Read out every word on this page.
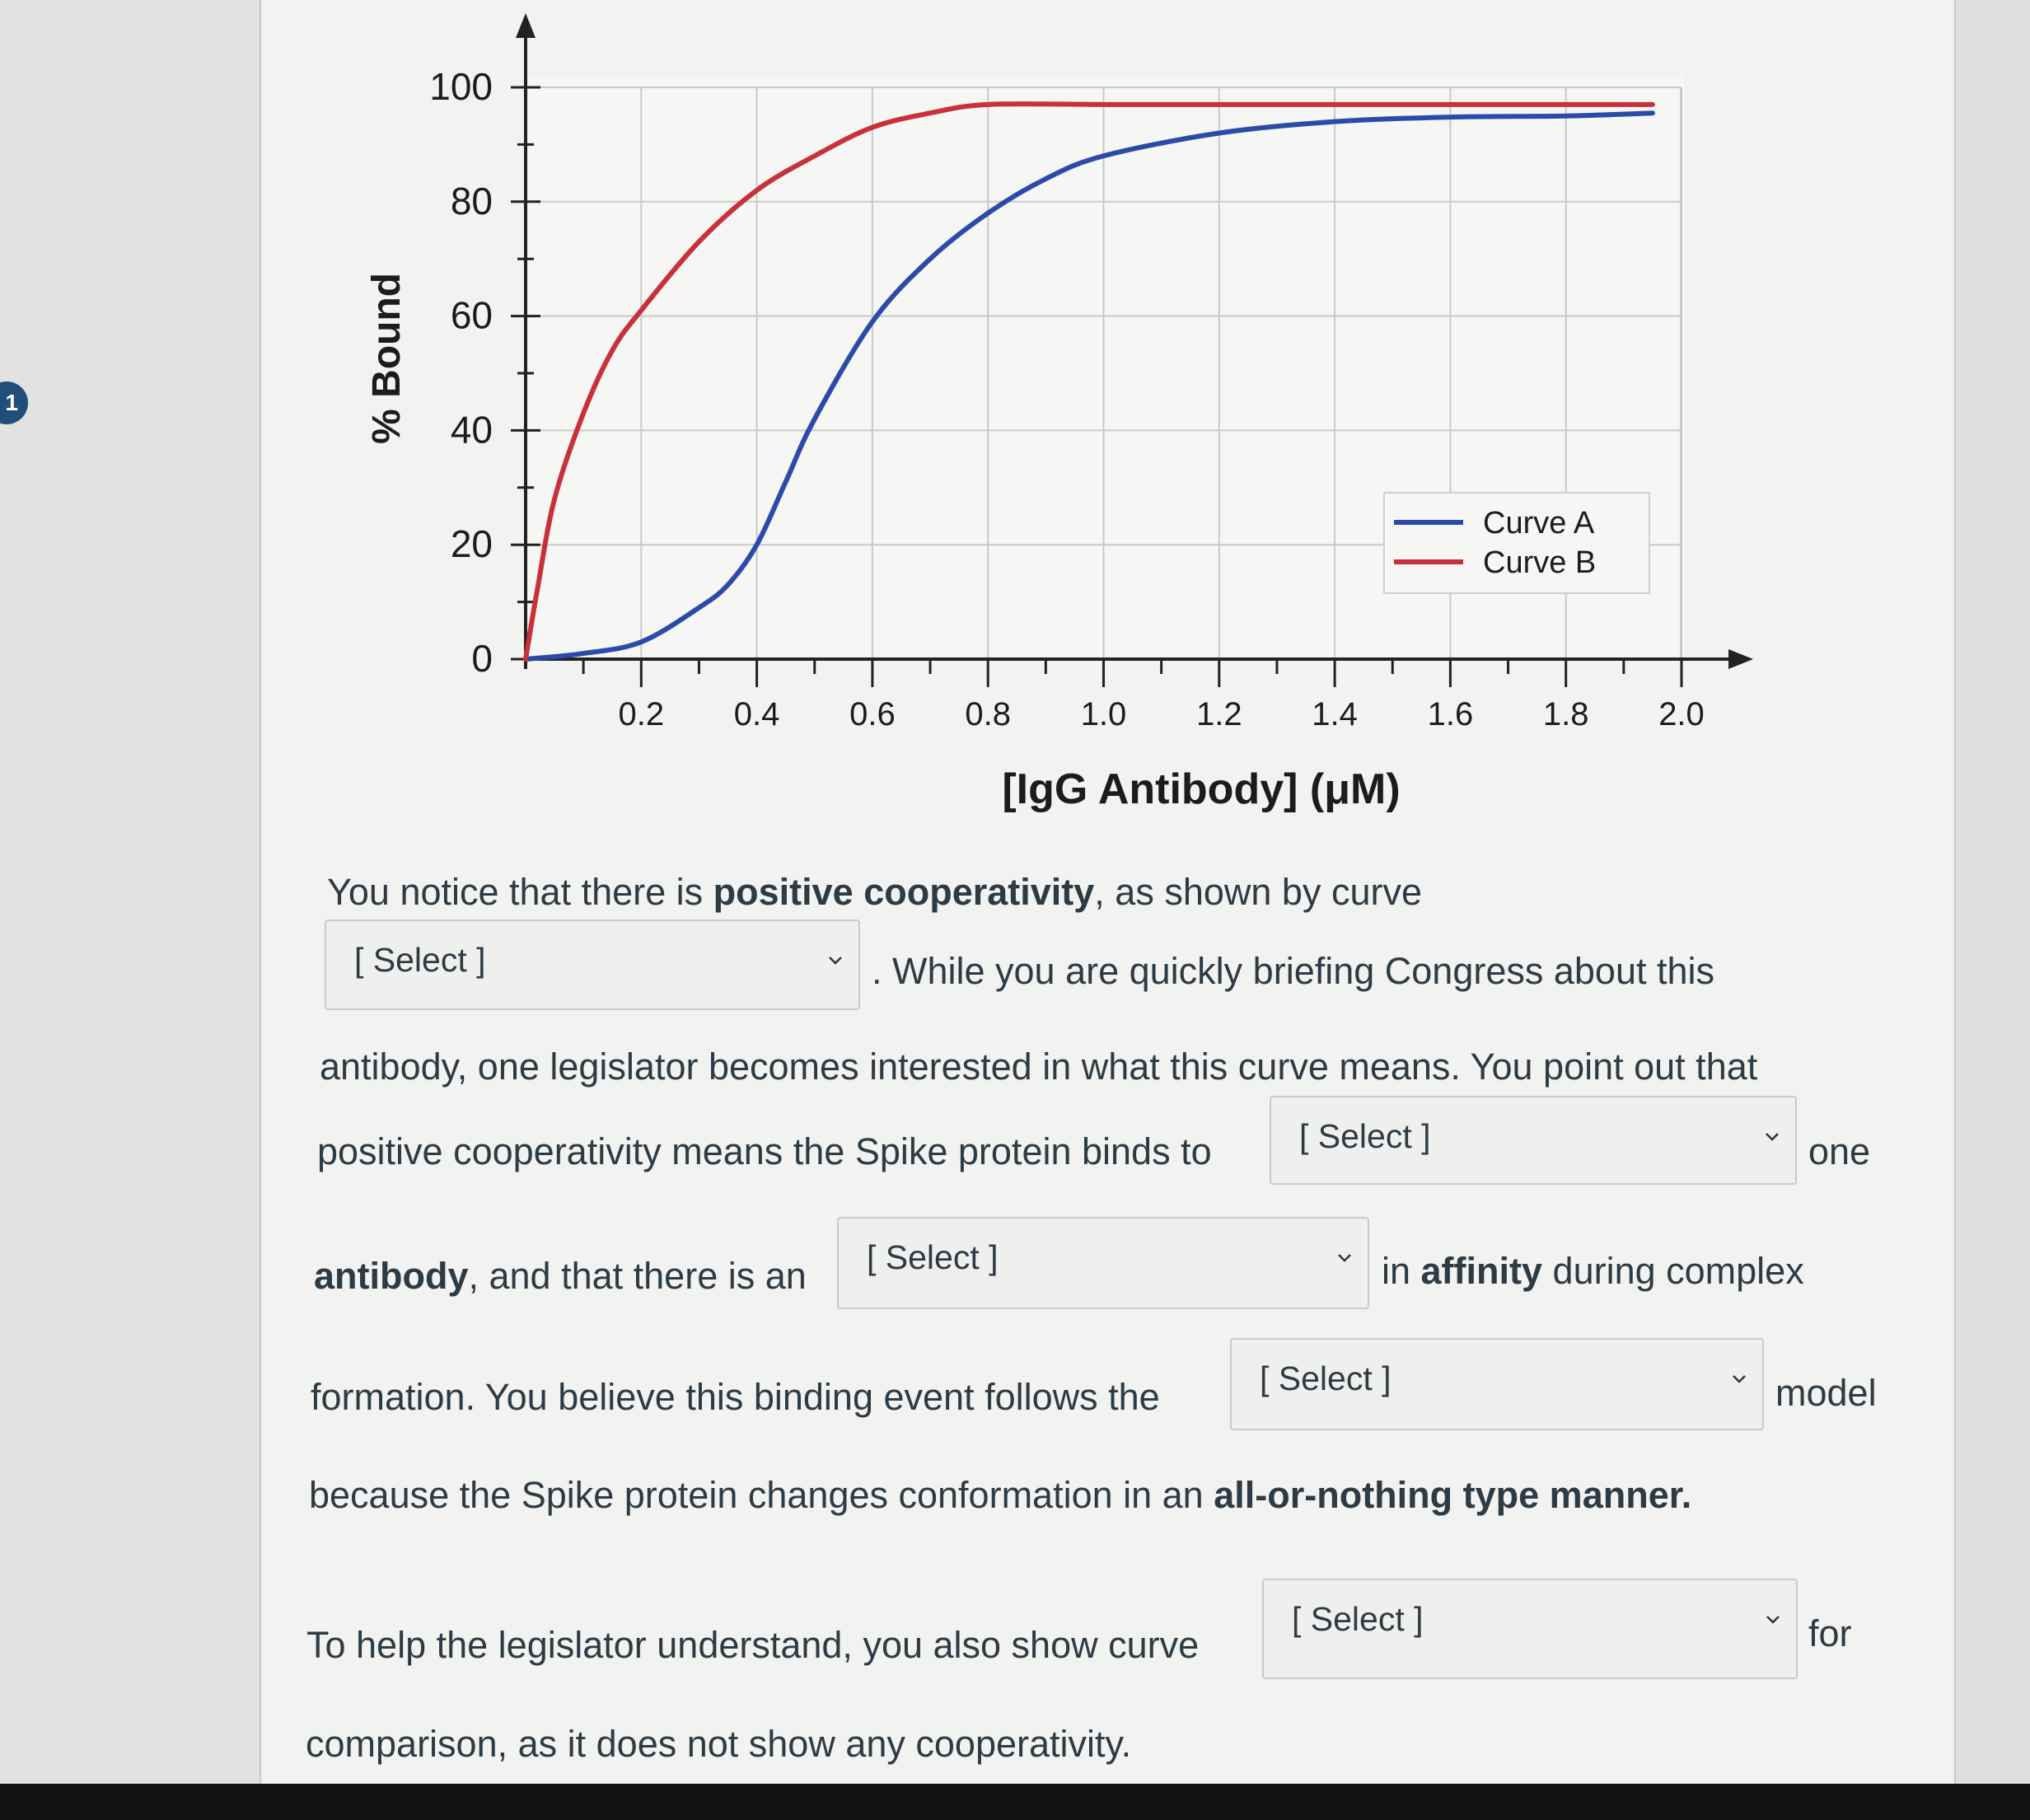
1
0.2 0.4 0.6 0.8 1.0 1.2 1.4 1.6 1.8 2.0
0
20
40
60
80
100
Curve A
Curve B
[IgG Antibody] (μM)
% Bound
You notice that there is positive cooperativity, as shown by curve
[ Select ]	. While you are quickly briefing Congress about this
antibody, one legislator becomes interested in what this curve means. You point out that
positive cooperativity means the Spike protein binds to	[ Select ]	one
antibody, and that there is an	[ Select ]	in affinity during complex
formation. You believe this binding event follows the	[ Select ]	model
because the Spike protein changes conformation in an all-or-nothing type manner.
To help the legislator understand, you also show curve
[ Select ]	for
comparison, as it does not show any cooperativity.
